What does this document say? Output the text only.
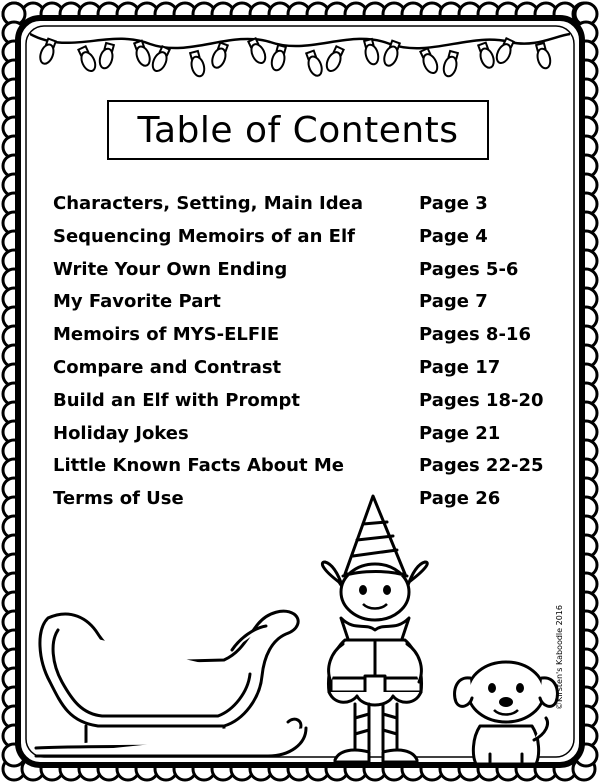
Table of Contents
Characters, Setting, Main Idea	Page 3
Sequencing Memoirs of an Elf	Page 4
Write Your Own Ending	Pages 5-6
My Favorite Part	Page 7
Memoirs of MYS-ELFIE	Pages 8-16
Compare and Contrast	Page 17
Build an Elf with Prompt	Pages 18-20
Holiday Jokes	Page 21
Little Known Facts About Me	Pages 22-25
Terms of Use	Page 26
©Kirsten's Kaboodle 2016
